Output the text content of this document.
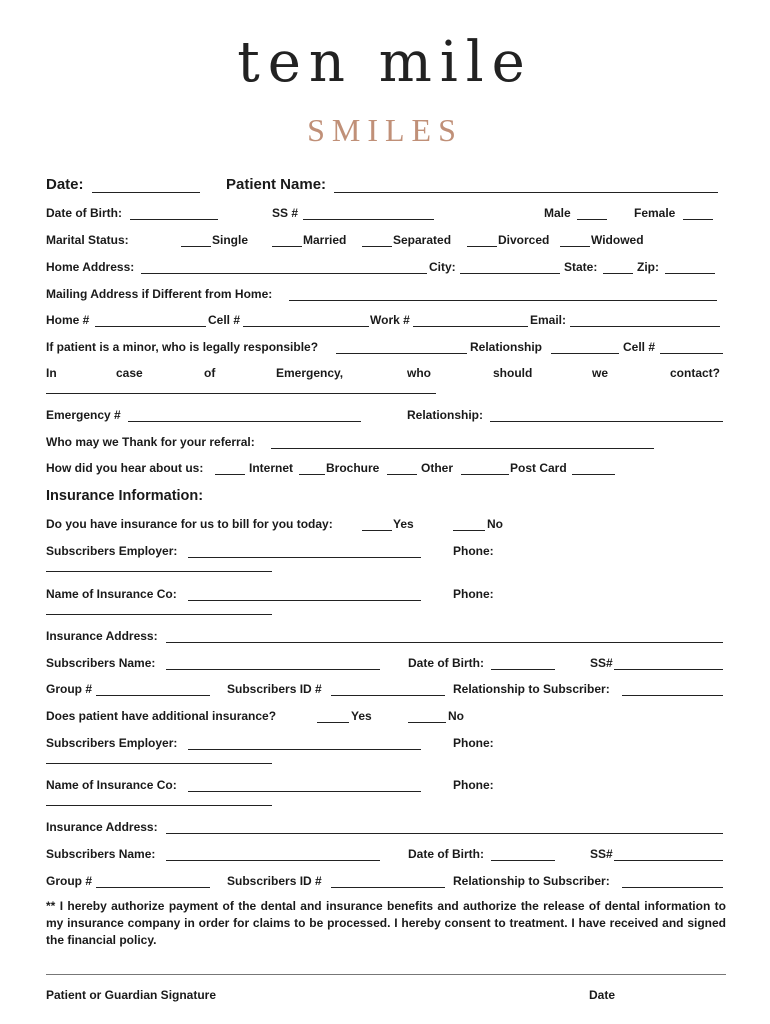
ten mile
SMILES
Date:	Patient Name:
Date of Birth:	SS #	Male	Female
Marital Status:	Single	Married	Separated	Divorced	Widowed
Home Address:	City:	State:	Zip:
Mailing Address if Different from Home:
Home #	Cell #	Work #	Email:
If patient is a minor, who is legally responsible?	Relationship	Cell #
In	case	of	Emergency,	who	should	we	contact?
Emergency #	Relationship:
Who may we Thank for your referral:
How did you hear about us:	Internet	Brochure	Other	Post Card
Insurance Information:
Do you have insurance for us to bill for you today:	Yes	No
Subscribers Employer:	Phone:
Name of Insurance Co:	Phone:
Insurance Address:
Subscribers Name:	Date of Birth:	SS#
Group #	Subscribers ID #	Relationship to Subscriber:
Does patient have additional insurance?	Yes	No
Subscribers Employer:	Phone:
Name of Insurance Co:	Phone:
Insurance Address:
Subscribers Name:	Date of Birth:	SS#
Group #	Subscribers ID #	Relationship to Subscriber:
** I hereby authorize payment of the dental and insurance benefits and authorize the release of dental information to my insurance company in order for claims to be processed. I hereby consent to treatment. I have received and signed the financial policy.
Patient or Guardian Signature	Date
